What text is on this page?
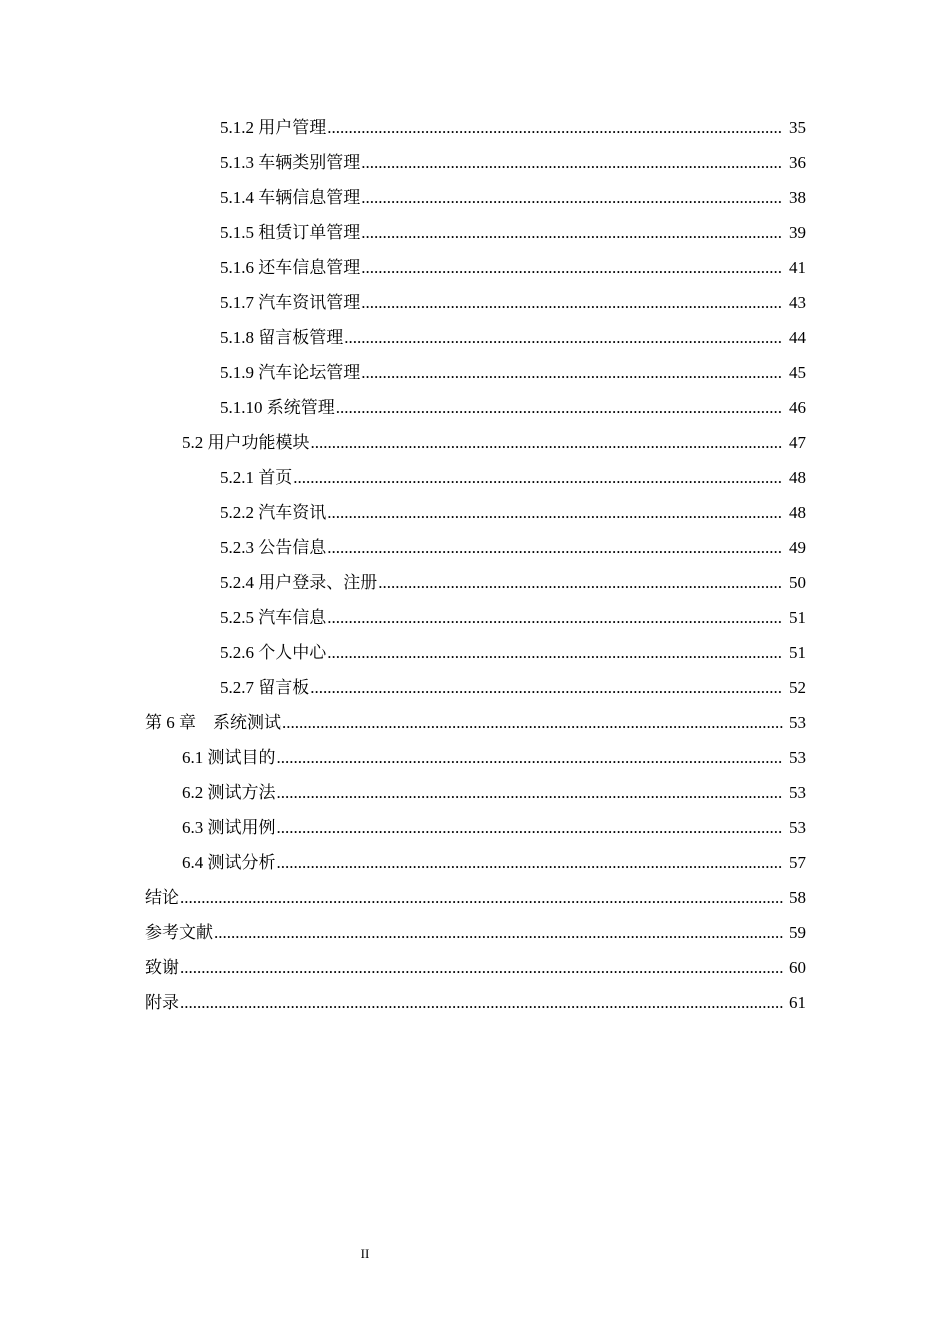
5.1.2 用户管理 .....	35
5.1.3 车辆类别管理 .....	36
5.1.4 车辆信息管理 .....	38
5.1.5 租赁订单管理 .....	39
5.1.6 还车信息管理 .....	41
5.1.7 汽车资讯管理 .....	43
5.1.8 留言板管理 .....	44
5.1.9 汽车论坛管理 .....	45
5.1.10 系统管理 .....	46
5.2 用户功能模块 .....	47
5.2.1 首页 .....	48
5.2.2 汽车资讯 .....	48
5.2.3 公告信息 .....	49
5.2.4 用户登录、注册 .....	50
5.2.5 汽车信息 .....	51
5.2.6 个人中心 .....	51
5.2.7 留言板 .....	52
第 6 章    系统测试 .....	53
6.1 测试目的 .....	53
6.2 测试方法 .....	53
6.3 测试用例 .....	53
6.4 测试分析 .....	57
结论 .....	58
参考文献 .....	59
致谢 .....	60
附录 .....	61
II
